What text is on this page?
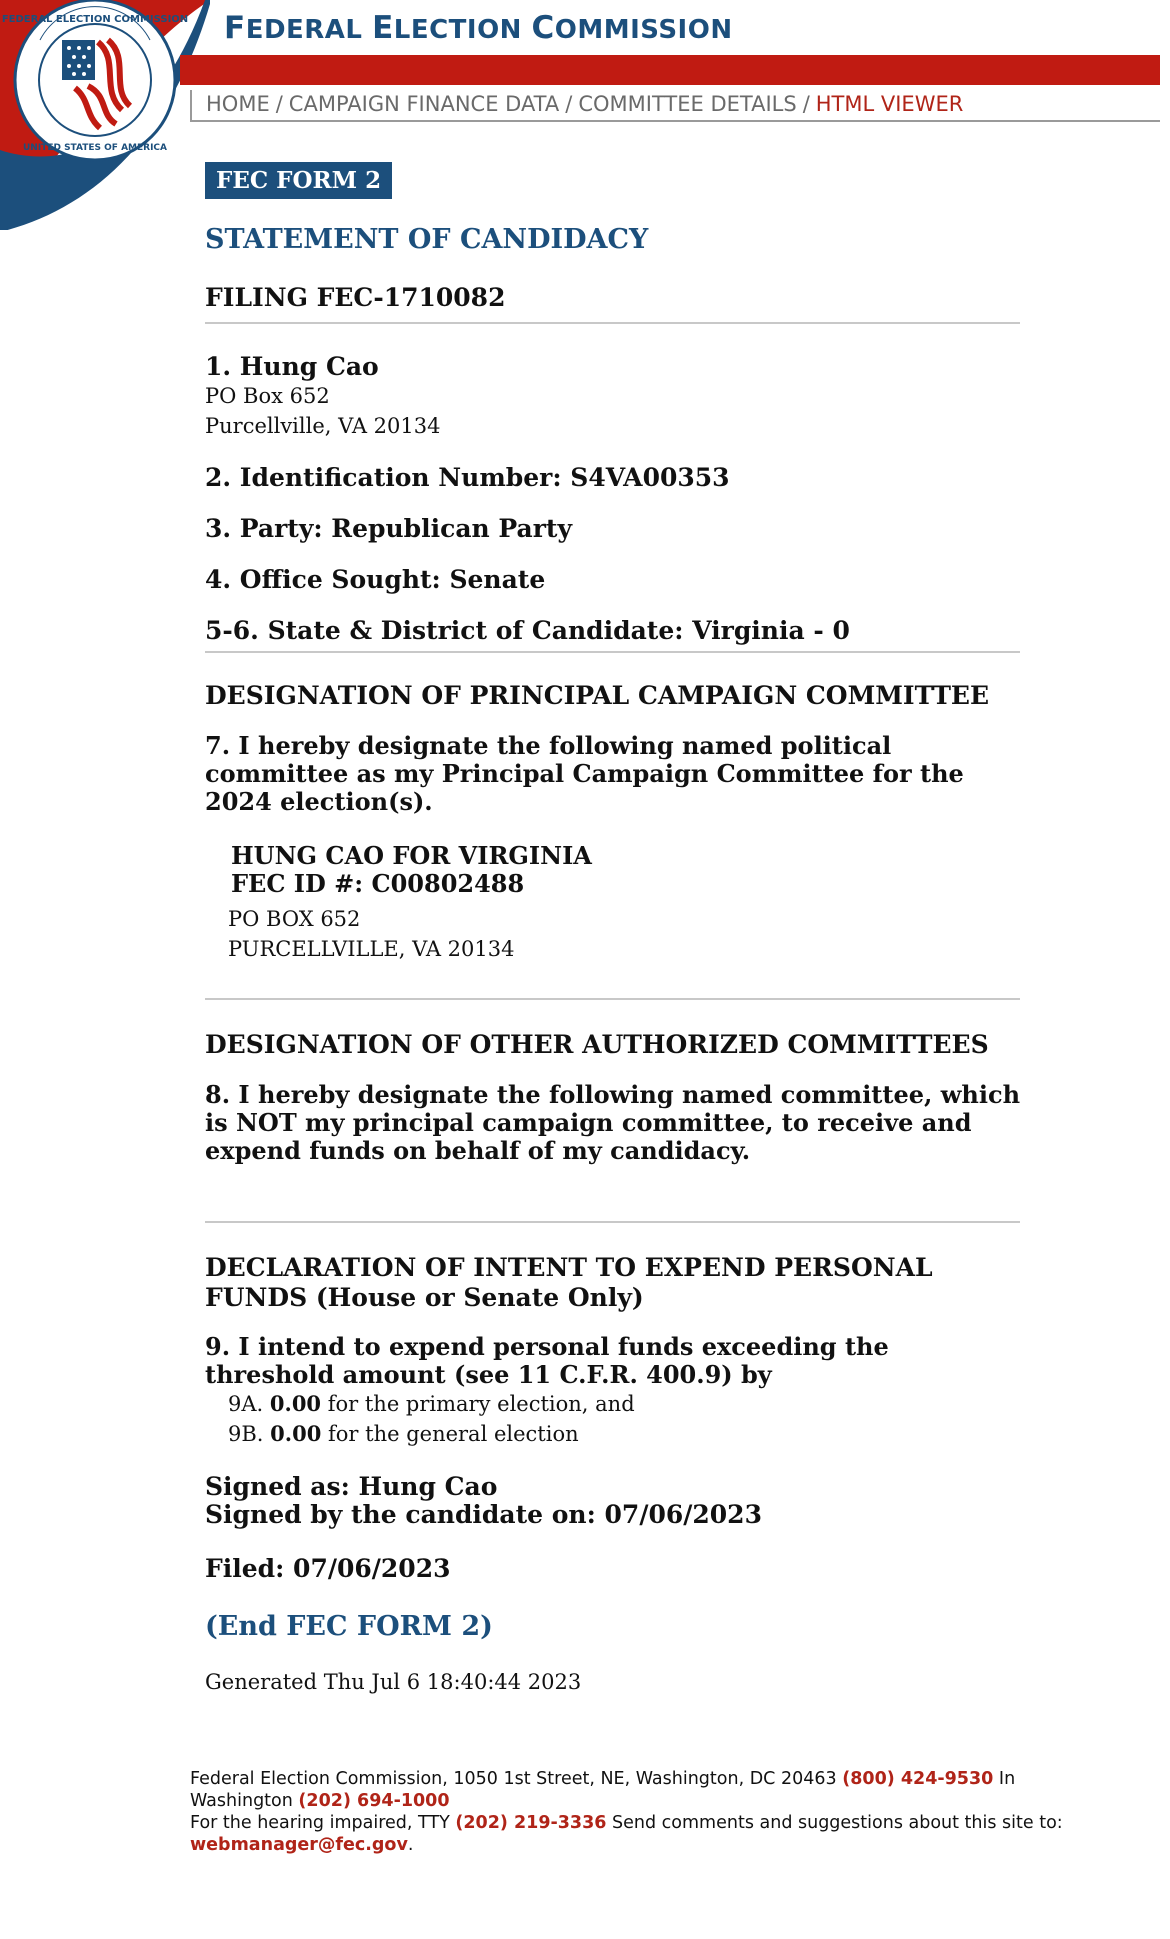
FEDERAL ELECTION COMMISSION
UNITED STATES OF AMERICA
FEDERAL ELECTION COMMISSION
HOME / CAMPAIGN FINANCE DATA / COMMITTEE DETAILS / HTML VIEWER
FEC FORM 2
STATEMENT OF CANDIDACY
FILING FEC-1710082
1. Hung Cao
PO Box 652
Purcellville, VA 20134
2. Identification Number: S4VA00353
3. Party: Republican Party
4. Office Sought: Senate
5-6. State & District of Candidate: Virginia - 0
DESIGNATION OF PRINCIPAL CAMPAIGN COMMITTEE
7. I hereby designate the following named political committee as my Principal Campaign Committee for the 2024 election(s).
HUNG CAO FOR VIRGINIA
FEC ID #: C00802488
PO BOX 652
PURCELLVILLE, VA 20134
DESIGNATION OF OTHER AUTHORIZED COMMITTEES
8. I hereby designate the following named committee, which is NOT my principal campaign committee, to receive and expend funds on behalf of my candidacy.
DECLARATION OF INTENT TO EXPEND PERSONAL FUNDS (House or Senate Only)
9. I intend to expend personal funds exceeding the threshold amount (see 11 C.F.R. 400.9) by
9A. 0.00 for the primary election, and
9B. 0.00 for the general election
Signed as: Hung Cao
Signed by the candidate on: 07/06/2023
Filed: 07/06/2023
(End FEC FORM 2)
Generated Thu Jul 6 18:40:44 2023
Federal Election Commission, 1050 1st Street, NE, Washington, DC 20463 (800) 424-9530 In Washington (202) 694-1000
For the hearing impaired, TTY (202) 219-3336 Send comments and suggestions about this site to:
webmanager@fec.gov.
